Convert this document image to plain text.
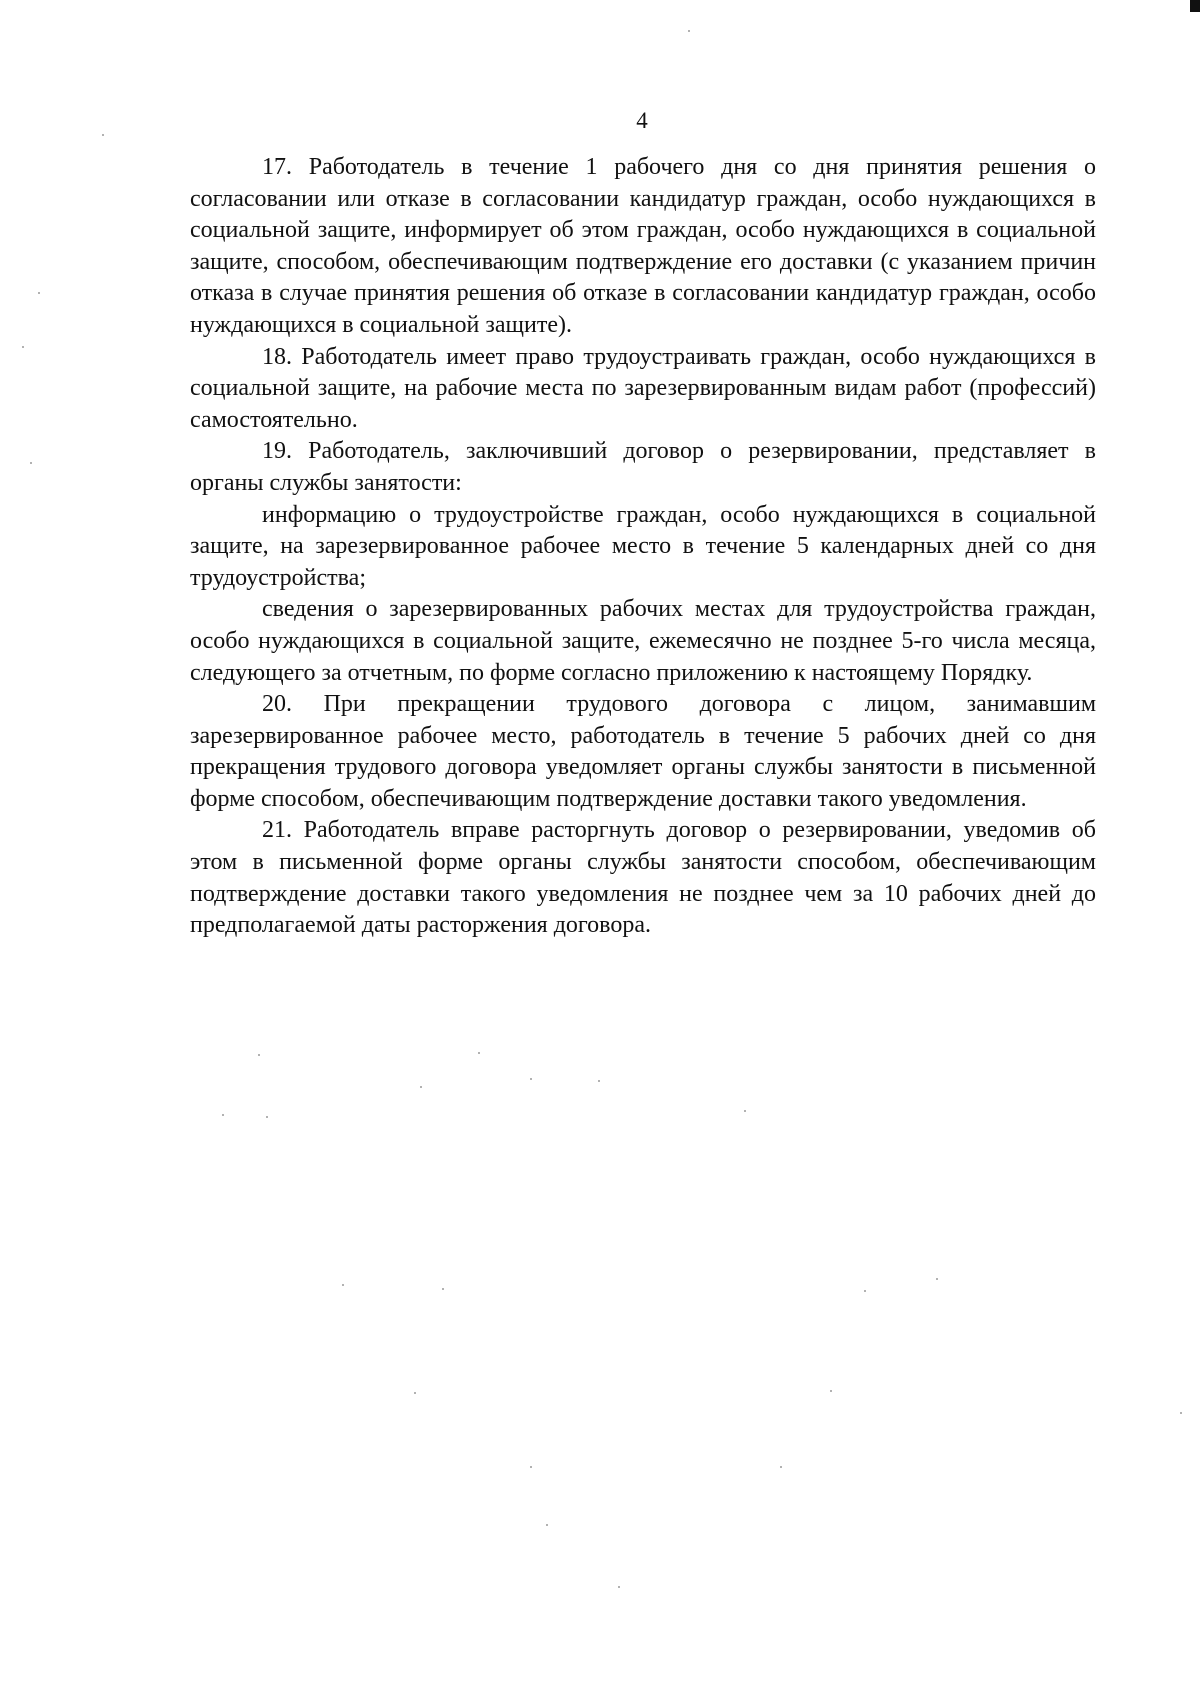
4

17. Работодатель в течение 1 рабочего дня со дня принятия решения о согласовании или отказе в согласовании кандидатур граждан, особо нуждающихся в социальной защите, информирует об этом граждан, особо нуждающихся в социальной защите, способом, обеспечивающим подтверждение его доставки (с указанием причин отказа в случае принятия решения об отказе в согласовании кандидатур граждан, особо нуждающихся в социальной защите).

18. Работодатель имеет право трудоустраивать граждан, особо нуждающихся в социальной защите, на рабочие места по зарезервированным видам работ (профессий) самостоятельно.

19. Работодатель, заключивший договор о резервировании, представляет в органы службы занятости:

информацию о трудоустройстве граждан, особо нуждающихся в социальной защите, на зарезервированное рабочее место в течение 5 календарных дней со дня трудоустройства;

сведения о зарезервированных рабочих местах для трудоустройства граждан, особо нуждающихся в социальной защите, ежемесячно не позднее 5-го числа месяца, следующего за отчетным, по форме согласно приложению к настоящему Порядку.

20. При прекращении трудового договора с лицом, занимавшим зарезервированное рабочее место, работодатель в течение 5 рабочих дней со дня прекращения трудового договора уведомляет органы службы занятости в письменной форме способом, обеспечивающим подтверждение доставки такого уведомления.

21. Работодатель вправе расторгнуть договор о резервировании, уведомив об этом в письменной форме органы службы занятости способом, обеспечивающим подтверждение доставки такого уведомления не позднее чем за 10 рабочих дней до предполагаемой даты расторжения договора.
